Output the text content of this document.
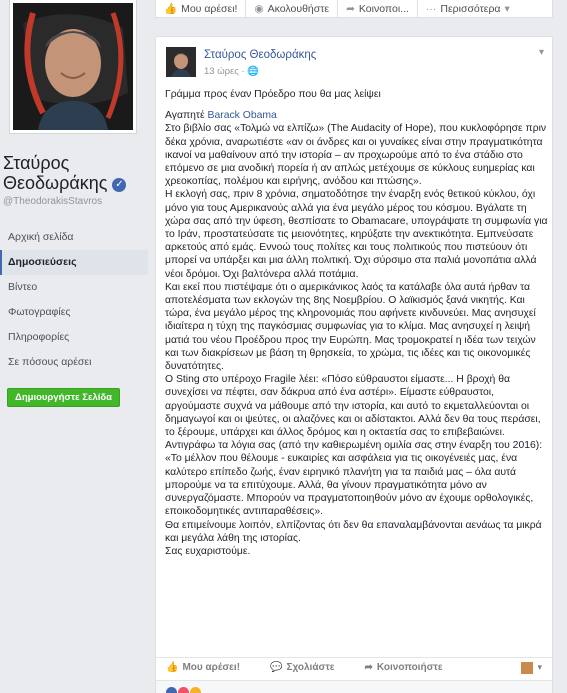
Σταύρος
Θεοδωράκης ✓
@TheodorakisStavros
Αρχική σελίδα
Δημοσιεύσεις
Βίντεο
Φωτογραφίες
Πληροφορίες
Σε πόσους αρέσει
Δημιουργήστε Σελίδα
👍 Μου αρέσει! ◉ Ακολουθήστε ➦ Κοινοποι... ··· Περισσότερα ▾
Σταύρος Θεοδωράκης
13 ώρες · 🌐
▾

Γράμμα προς έναν Πρόεδρο που θα μας λείψει

Αγαπητέ Barack Obama

Στο βιβλίο σας «Τολμώ να ελπίζω» (The Audacity of Hope), που κυκλοφόρησε πριν δέκα χρόνια, αναρωτιέστε «αν οι άνδρες και οι γυναίκες είναι στην πραγματικότητα ικανοί να μαθαίνουν από την ιστορία – αν προχωρούμε από το ένα στάδιο στο επόμενο σε μια ανοδική πορεία ή αν απλώς μετέχουμε σε κύκλους ευημερίας και χρεοκοπίας, πολέμου και ειρήνης, ανόδου και πτώσης».

Η εκλογή σας, πριν 8 χρόνια, σηματοδότησε την έναρξη ενός θετικού κύκλου, όχι μόνο για τους Αμερικανούς αλλά για ένα μεγάλο μέρος του κόσμου. Βγάλατε τη χώρα σας από την ύφεση, θεσπίσατε το Obamacare, υπογράψατε τη συμφωνία για το Ιράν, προστατεύσατε τις μειονότητες, κηρύξατε την ανεκτικότητα. Εμπνεύσατε αρκετούς από εμάς. Εννοώ τους πολίτες και τους πολιτικούς που πιστεύουν ότι μπορεί να υπάρξει και μια άλλη πολιτική. Όχι σύρσιμο στα παλιά μονοπάτια αλλά νέοι δρόμοι. Όχι βαλτόνερα αλλά ποτάμια.

Και εκεί που πιστέψαμε ότι ο αμερικάνικος λαός τα κατάλαβε όλα αυτά ήρθαν τα αποτελέσματα των εκλογών της 8ης Νοεμβρίου. Ο λαϊκισμός ξανά νικητής. Και τώρα, ένα μεγάλο μέρος της κληρονομιάς που αφήνετε κινδυνεύει. Μας ανησυχεί ιδιαίτερα η τύχη της παγκόσμιας συμφωνίας για το κλίμα. Μας ανησυχεί η λειψή ματιά του νέου Προέδρου προς την Ευρώπη. Μας τρομοκρατεί η ιδέα των τειχών και των διακρίσεων με βάση τη θρησκεία, το χρώμα, τις ιδέες και τις οικονομικές δυνατότητες.

Ο Sting στο υπέροχο Fragile λέει: «Πόσο εύθραυστοι είμαστε... Η βροχή θα συνεχίσει να πέφτει, σαν δάκρυα από ένα αστέρι». Είμαστε εύθραυστοι, αργούμαστε συχνά να μάθουμε από την ιστορία, και αυτό το εκμεταλλεύονται οι δημαγωγοί και οι ψεύτες, οι αλαζόνες και οι αδίστακτοι. Αλλά δεν θα τους περάσει, το ξέρουμε, υπάρχει και άλλος δρόμος και η οκταετία σας το επιβεβαιώνει.

Αντιγράφω τα λόγια σας (από την καθιερωμένη ομιλία σας στην έναρξη του 2016): «Το μέλλον που θέλουμε - ευκαιρίες και ασφάλεια για τις οικογένειές μας, ένα καλύτερο επίπεδο ζωής, έναν ειρηνικό πλανήτη για τα παιδιά μας – όλα αυτά μπορούμε να τα επιτύχουμε. Αλλά, θα γίνουν πραγματικότητα μόνο αν συνεργαζόμαστε. Μπορούν να πραγματοποιηθούν μόνο αν έχουμε ορθολογικές, εποικοδομητικές αντιπαραθέσεις».

Θα επιμείνουμε λοιπόν, ελπίζοντας ότι δεν θα επαναλαμβάνονται αενάως τα μικρά και μεγάλα λάθη της ιστορίας.

Σας ευχαριστούμε.

👍 Μου αρέσει!	💬 Σχολιάστε	➦ Κοινοποιήστε	▾
